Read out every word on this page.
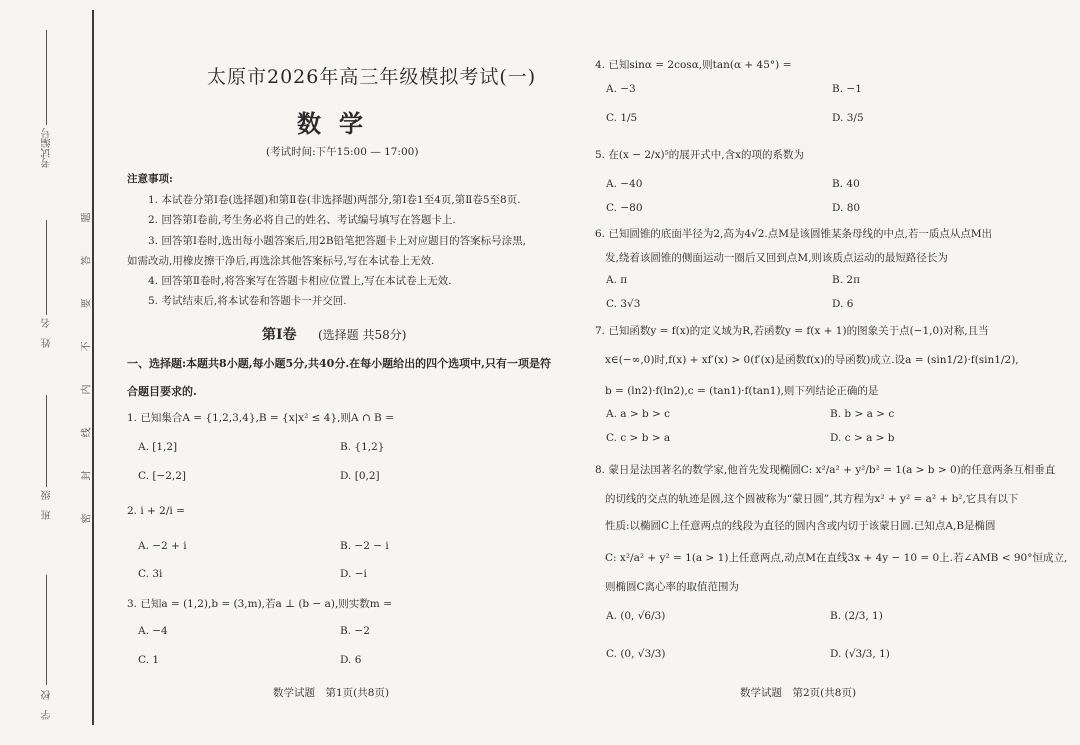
考试编号
姓　名
班　级
学　校
题
答
要
不
内
线
封
密
太原市2026年高三年级模拟考试(一)
数学
(考试时间:下午15:00 — 17:00)
注意事项:
1. 本试卷分第Ⅰ卷(选择题)和第Ⅱ卷(非选择题)两部分,第Ⅰ卷1至4页,第Ⅱ卷5至8页.
2. 回答第Ⅰ卷前,考生务必将自己的姓名、考试编号填写在答题卡上.
3. 回答第Ⅰ卷时,选出每小题答案后,用2B铅笔把答题卡上对应题目的答案标号涂黑,
如需改动,用橡皮擦干净后,再选涂其他答案标号,写在本试卷上无效.
4. 回答第Ⅱ卷时,将答案写在答题卡相应位置上,写在本试卷上无效.
5. 考试结束后,将本试卷和答题卡一并交回.
第Ⅰ卷 (选择题 共58分)
一、选择题:本题共8小题,每小题5分,共40分.在每小题给出的四个选项中,只有一项是符
合题目要求的.
1. 已知集合A = {1,2,3,4},B = {x|x² ≤ 4},则A ∩ B =
A. [1,2]	B. {1,2}
C. [−2,2]	D. [0,2]
2. i + 2/i =
A. −2 + i	B. −2 − i
C. 3i	D. −i
3. 已知a = (1,2),b = (3,m),若a ⊥ (b − a),则实数m =
A. −4	B. −2
C. 1	D. 6
数学试题　第1页(共8页)
4. 已知sinα = 2cosα,则tan(α + 45°) =
A. −3	B. −1
C. 1/5	D. 3/5
5. 在(x − 2/x)⁵的展开式中,含x的项的系数为
A. −40	B. 40
C. −80	D. 80
6. 已知圆锥的底面半径为2,高为4√2.点M是该圆锥某条母线的中点,若一质点从点M出
发,绕着该圆锥的侧面运动一圈后又回到点M,则该质点运动的最短路径长为
A. π	B. 2π
C. 3√3	D. 6
7. 已知函数y = f(x)的定义域为R,若函数y = f(x + 1)的图象关于点(−1,0)对称,且当
x∈(−∞,0)时,f(x) + xf′(x) > 0(f′(x)是函数f(x)的导函数)成立.设a = (sin1/2)·f(sin1/2),
b = (ln2)·f(ln2),c = (tan1)·f(tan1),则下列结论正确的是
A. a > b > c	B. b > a > c
C. c > b > a	D. c > a > b
8. 蒙日是法国著名的数学家,他首先发现椭圆C: x²/a² + y²/b² = 1(a > b > 0)的任意两条互相垂直
的切线的交点的轨迹是圆,这个圆被称为“蒙日圆”,其方程为x² + y² = a² + b²,它具有以下
性质:以椭圆C上任意两点的线段为直径的圆内含或内切于该蒙日圆.已知点A,B是椭圆
C: x²/a² + y² = 1(a > 1)上任意两点,动点M在直线3x + 4y − 10 = 0上.若∠AMB < 90°恒成立,
则椭圆C离心率的取值范围为
A. (0, √6/3)	B. (2/3, 1)
C. (0, √3/3)	D. (√3/3, 1)
数学试题　第2页(共8页)
